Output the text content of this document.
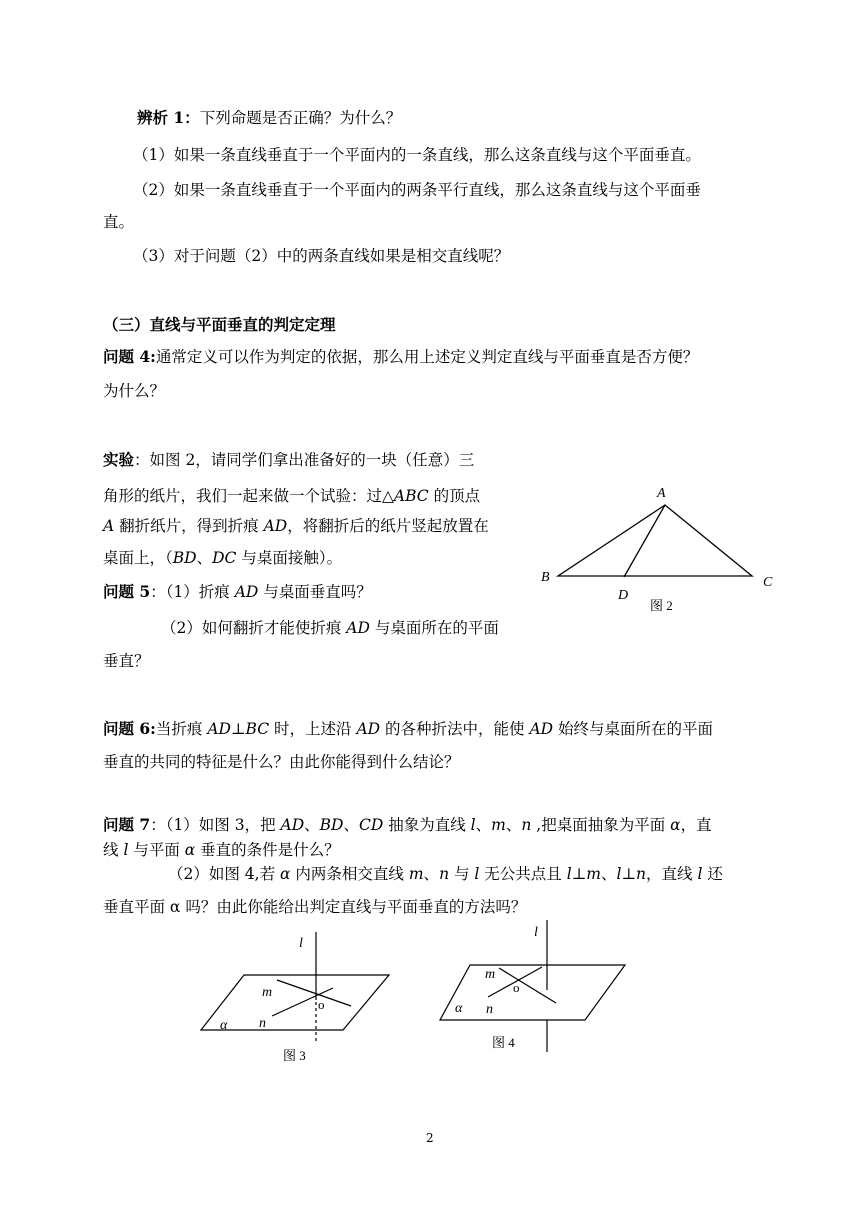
辨析 1：下列命题是否正确？为什么？
（1）如果一条直线垂直于一个平面内的一条直线，那么这条直线与这个平面垂直。
（2）如果一条直线垂直于一个平面内的两条平行直线，那么这条直线与这个平面垂
直。
（3）对于问题（2）中的两条直线如果是相交直线呢？
（三）直线与平面垂直的判定定理
问题 4:通常定义可以作为判定的依据，那么用上述定义判定直线与平面垂直是否方便？
为什么？
实验：如图 2，请同学们拿出准备好的一块（任意）三
角形的纸片，我们一起来做一个试验：过△ABC 的顶点
A 翻折纸片，得到折痕 AD，将翻折后的纸片竖起放置在
桌面上，（BD、DC 与桌面接触）。
问题 5：（1）折痕 AD 与桌面垂直吗？
（2）如何翻折才能使折痕 AD 与桌面所在的平面
垂直？
问题 6:当折痕 AD⊥BC 时，上述沿 AD 的各种折法中，能使 AD 始终与桌面所在的平面
垂直的共同的特征是什么？由此你能得到什么结论？
问题 7：（1）如图 3，把 AD、BD、CD 抽象为直线 l、m、n ,把桌面抽象为平面 α，直
线 l 与平面 α 垂直的条件是什么？
（2）如图 4,若 α 内两条相交直线 m、n 与 l 无公共点且 l⊥m、l⊥n，直线 l 还
垂直平面 α 吗？由此你能给出判定直线与平面垂直的方法吗？
A
B	C
D
图 2
l
m
o
n
α
图 3
l
m
o
n
α
图 4
2
